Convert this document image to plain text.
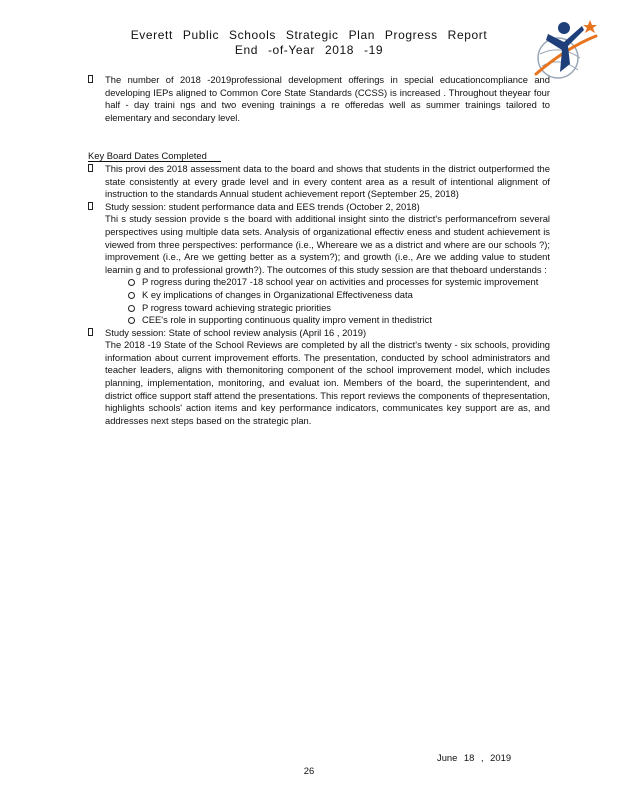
Everett Public Schools Strategic Plan Progress Report
End -of-Year 2018 -19
The number of 2018 -2019professional development offerings in special educationcompliance and developing IEPs aligned to Common Core State Standards (CCSS) is increased . Throughout theyear four half - day traini ngs and two evening trainings a re offeredas well as summer trainings tailored to elementary and secondary level.
Key Board Dates Completed
This provi des 2018 assessment data to the board and shows that students in the district outperformed the state consistently at every grade level and in every content area as a result of intentional alignment of instruction to the standards Annual student achievement report (September 25, 2018)
Study session: student performance data and EES trends (October 2, 2018)
Thi s study session provide s the board with additional insight sinto the district's performancefrom several perspectives using multiple data sets. Analysis of organizational effectiv eness and student achievement is viewed from three perspectives: performance (i.e., Whereare we as a district and where are our schools ?); improvement (i.e., Are we getting better as a system?); and growth (i.e., Are we adding value to student learnin g and to professional growth?). The outcomes of this study session are that theboard understands :
P rogress during the2017 -18 school year on activities and processes for systemic improvement
K ey implications of changes in Organizational Effectiveness data
P rogress toward achieving strategic priorities
CEE's role in supporting continuous quality impro vement in thedistrict
Study session: State of school review analysis (April 16 , 2019)
The 2018 -19 State of the School Reviews are completed by all the district's twenty - six schools, providing information about current improvement efforts. The presentation, conducted by school administrators and teacher leaders, aligns with themonitoring component of the school improvement model, which includes planning, implementation, monitoring, and evaluat ion. Members of the board, the superintendent, and district office support staff attend the presentations. This report reviews the components of thepresentation, highlights schools' action items and key performance indicators, communicates key support are as, and addresses next steps based on the strategic plan.
June 18 , 2019
26
